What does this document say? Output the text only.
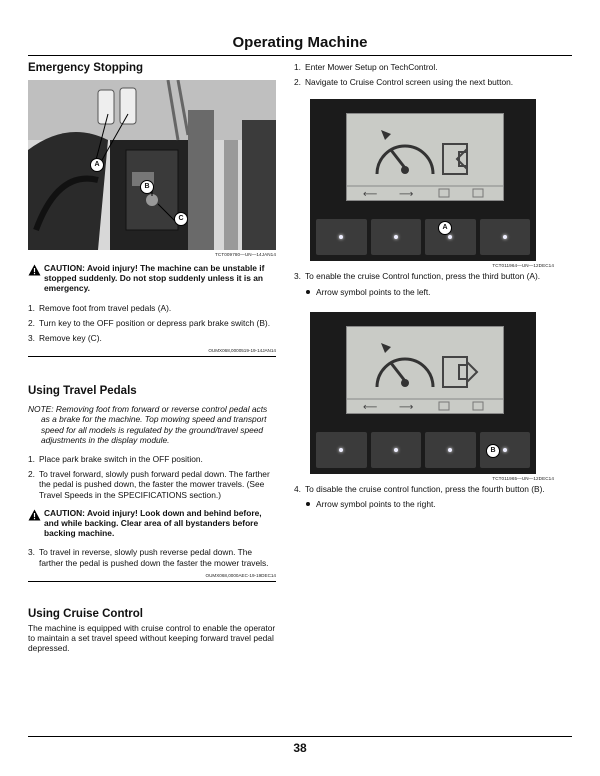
Operating Machine
Emergency Stopping
A
B
C
TCT009780—UN—14JAN14
CAUTION: Avoid injury! The machine can be unstable if stopped suddenly. Do not stop suddenly unless it is an emergency.
1. Remove foot from travel pedals (A).
2. Turn key to the OFF position or depress park brake switch (B).
3. Remove key (C).
OUMX068,0000519-19-14JAN14
Using Travel Pedals
NOTE: Removing foot from forward or reverse control pedal acts as a brake for the machine. Top mowing speed and transport speed for all models is regulated by the ground/travel speed adjustments in the display module.
1. Place park brake switch in the OFF position.
2. To travel forward, slowly push forward pedal down. The farther the pedal is pushed down, the faster the mower travels. (See Travel Speeds in the SPECIFICATIONS section.)
CAUTION: Avoid injury! Look down and behind before, and while backing. Clear area of all bystanders before backing machine.
3. To travel in reverse, slowly push reverse pedal down. The farther the pedal is pushed down the faster the mower travels.
OUMX068,0000AEC-19-19DEC14
Using Cruise Control

The machine is equipped with cruise control to enable the operator to maintain a set travel speed without keeping forward travel pedal depressed.

1. Enter Mower Setup on TechControl.
2. Navigate to Cruise Control screen using the next button.
⟵ ⟶
A
TCT011964—UN—12DEC14
3. To enable the cruise Control function, press the third button (A).
Arrow symbol points to the left.
⟵ ⟶
B
TCT011965—UN—12DEC14
4. To disable the cruise control function, press the fourth button (B).
Arrow symbol points to the right.
38
